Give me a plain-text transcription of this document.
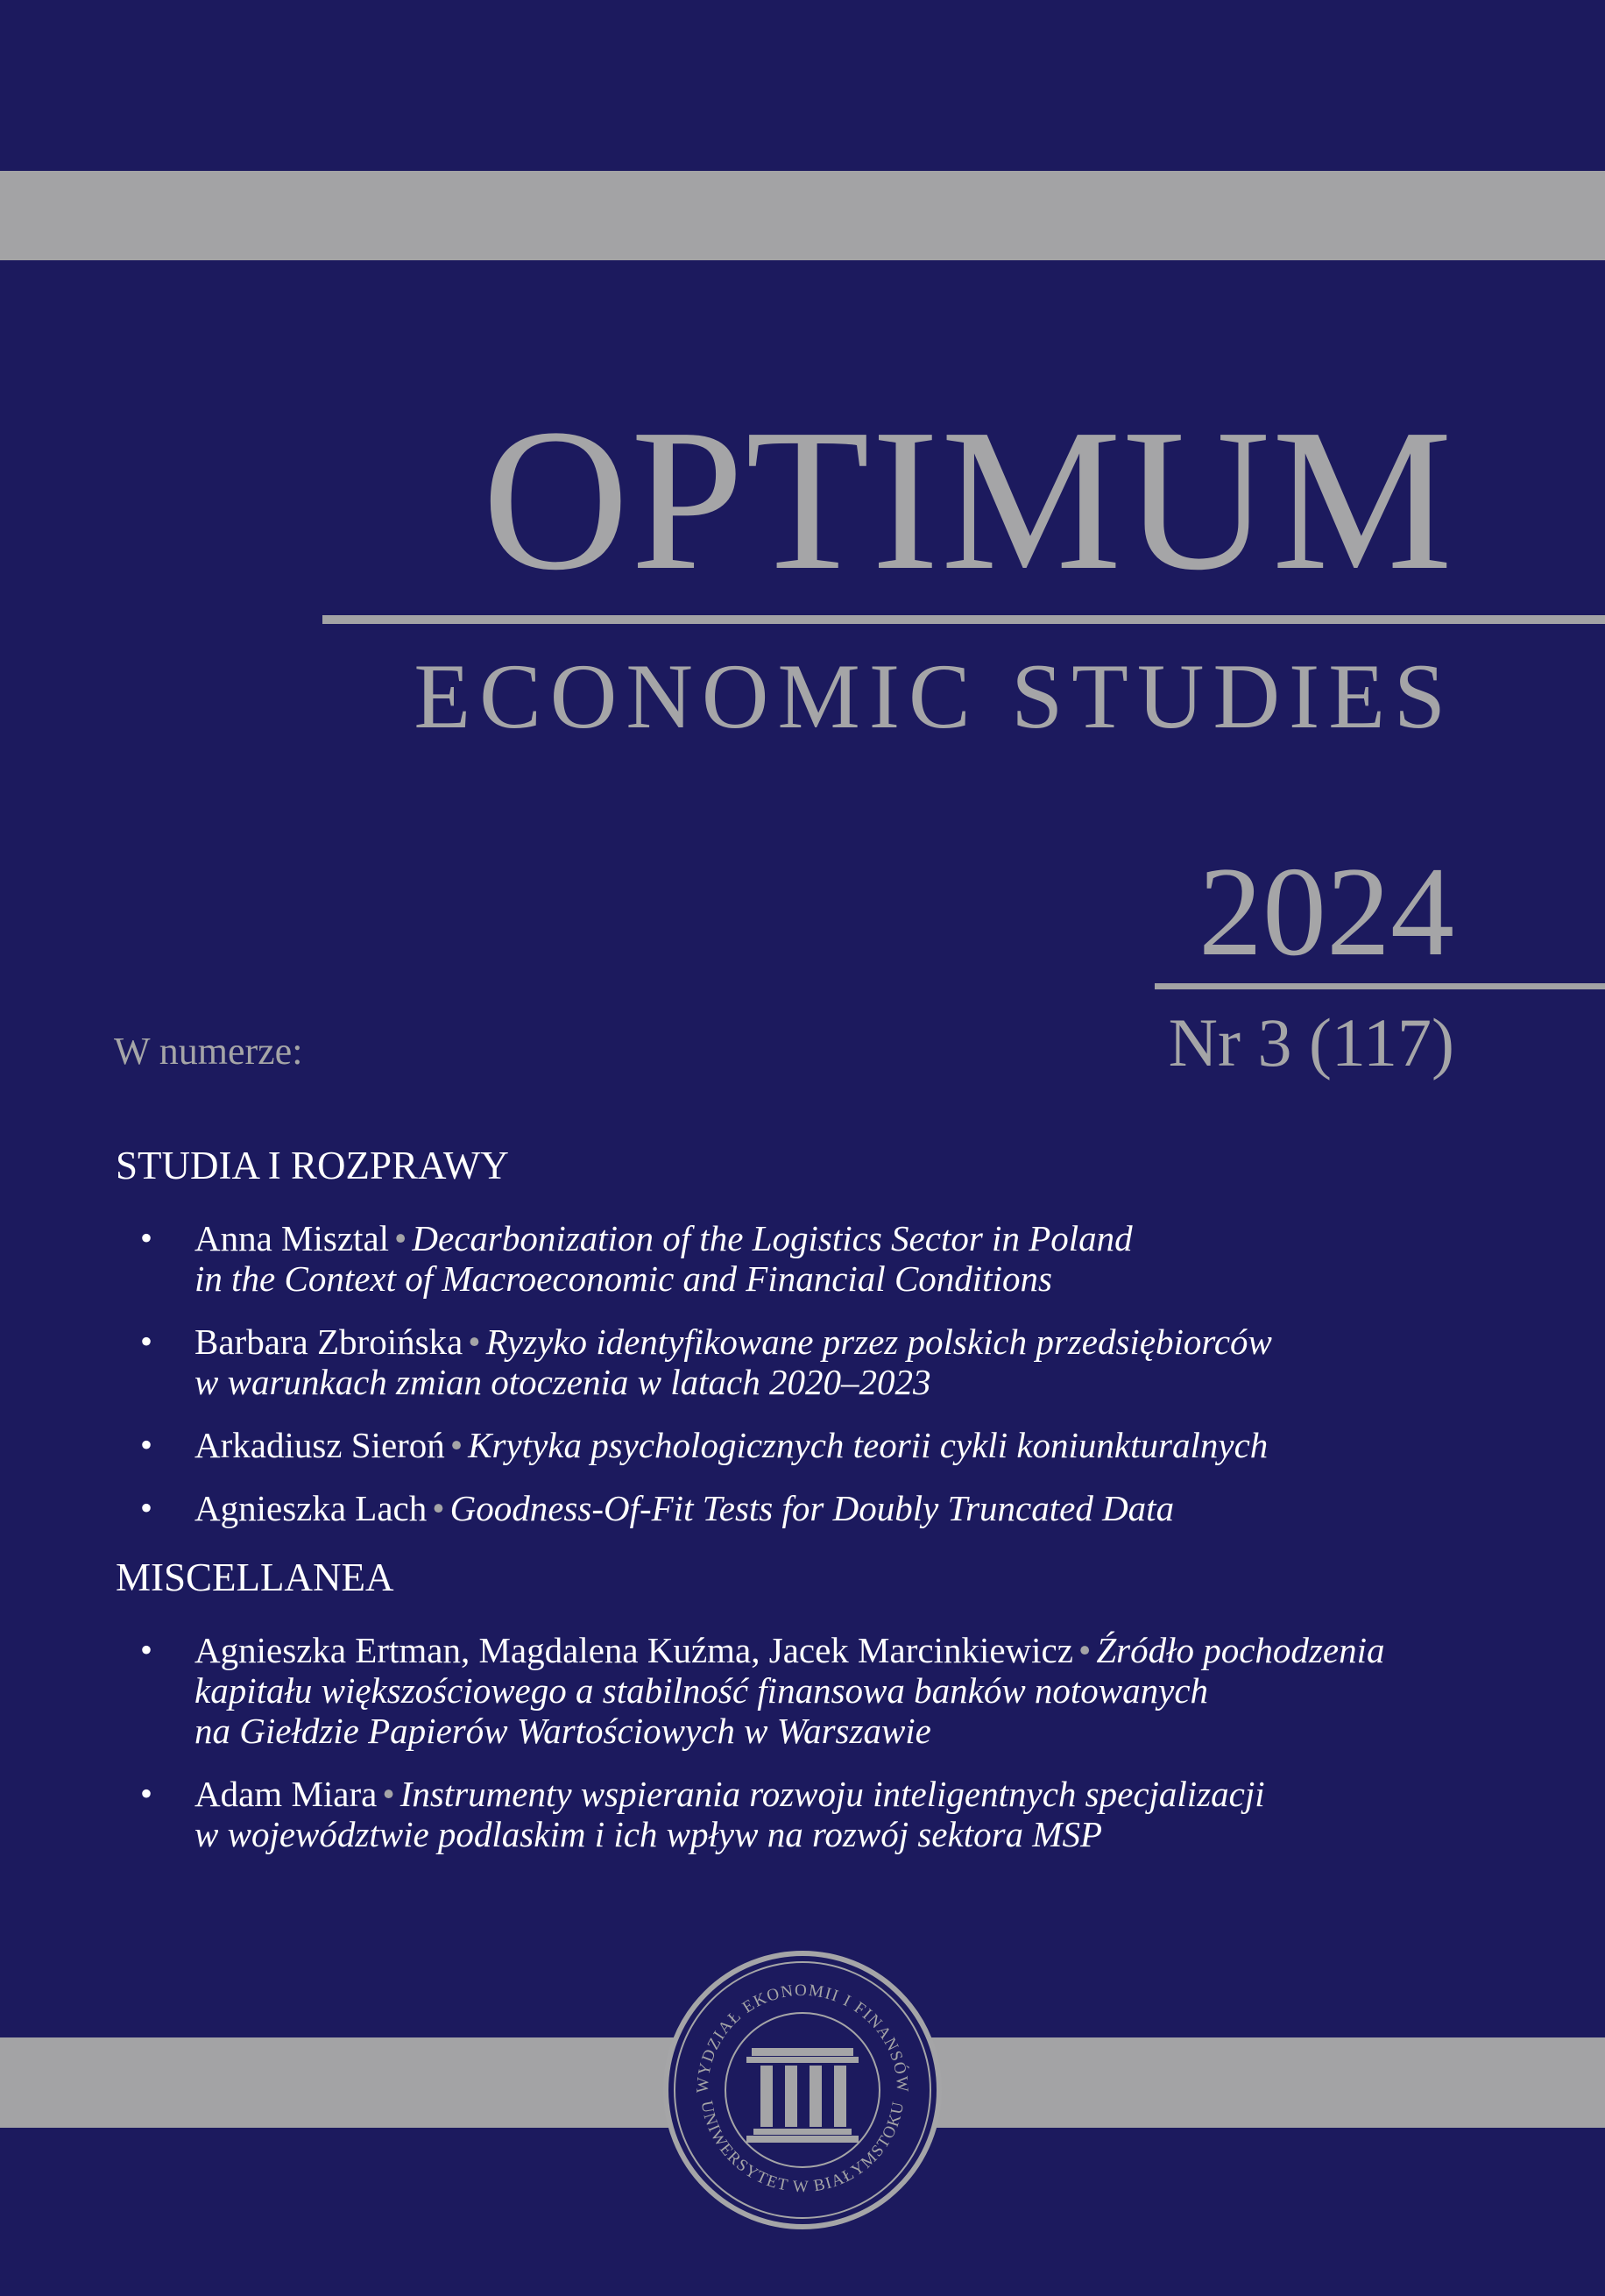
OPTIMUM
ECONOMIC STUDIES
2024
Nr 3 (117)
W numerze:
STUDIA I ROZPRAWY
• Anna Misztal • Decarbonization of the Logistics Sector in Poland
in the Context of Macroeconomic and Financial Conditions
• Barbara Zbroińska • Ryzyko identyfikowane przez polskich przedsiębiorców
w warunkach zmian otoczenia w latach 2020–2023
• Arkadiusz Sieroń • Krytyka psychologicznych teorii cykli koniunkturalnych
• Agnieszka Lach • Goodness-Of-Fit Tests for Doubly Truncated Data
MISCELLANEA
• Agnieszka Ertman, Magdalena Kuźma, Jacek Marcinkiewicz • Źródło pochodzenia
kapitału większościowego a stabilność finansowa banków notowanych
na Giełdzie Papierów Wartościowych w Warszawie
• Adam Miara • Instrumenty wspierania rozwoju inteligentnych specjalizacji
w województwie podlaskim i ich wpływ na rozwój sektora MSP
WYDZIAŁ EKONOMII I FINANSÓW
UNIWERSYTET W BIAŁYMSTOKU
